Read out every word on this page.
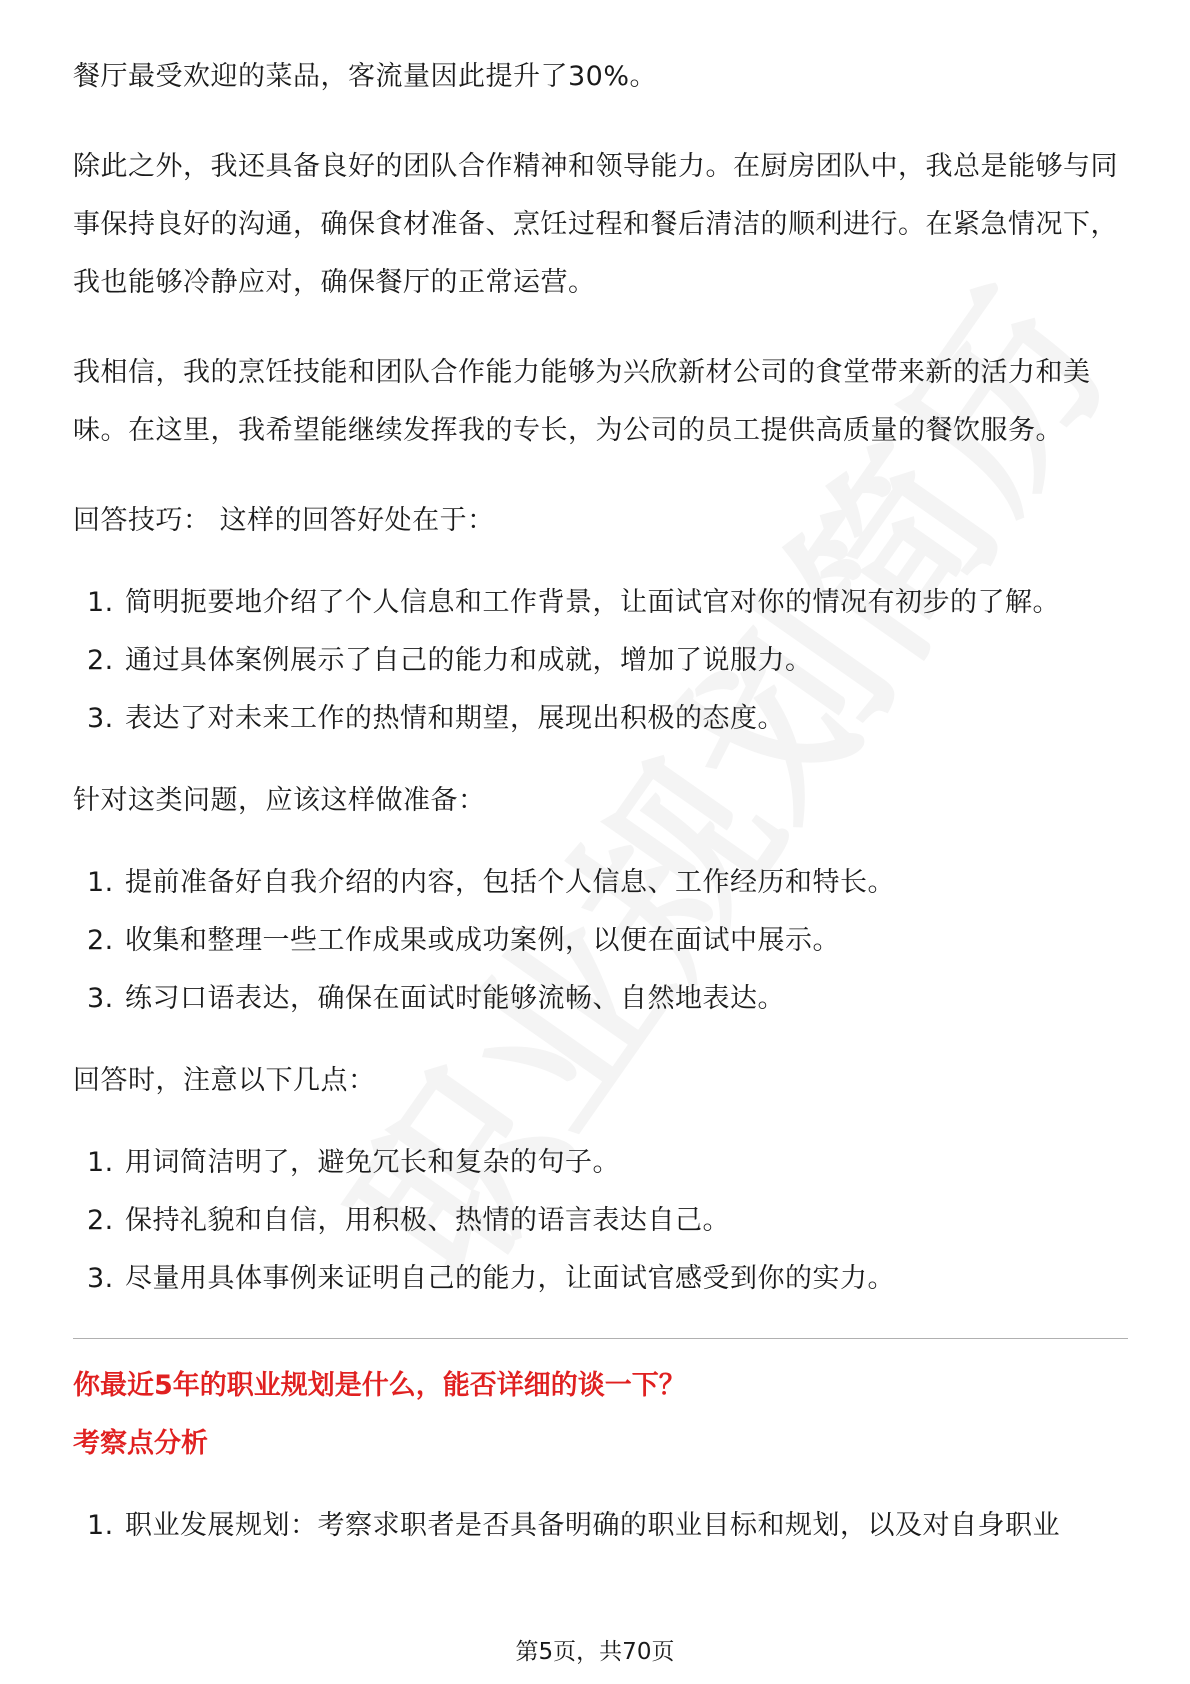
餐厅最受欢迎的菜品，客流量因此提升了30%。

除此之外，我还具备良好的团队合作精神和领导能力。在厨房团队中，我总是能够与同事保持良好的沟通，确保食材准备、烹饪过程和餐后清洁的顺利进行。在紧急情况下，我也能够冷静应对，确保餐厅的正常运营。

我相信，我的烹饪技能和团队合作能力能够为兴欣新材公司的食堂带来新的活力和美味。在这里，我希望能继续发挥我的专长，为公司的员工提供高质量的餐饮服务。

回答技巧： 这样的回答好处在于：
1. 简明扼要地介绍了个人信息和工作背景，让面试官对你的情况有初步的了解。
2. 通过具体案例展示了自己的能力和成就，增加了说服力。
3. 表达了对未来工作的热情和期望，展现出积极的态度。
针对这类问题，应该这样做准备：
1. 提前准备好自我介绍的内容，包括个人信息、工作经历和特长。
2. 收集和整理一些工作成果或成功案例，以便在面试中展示。
3. 练习口语表达，确保在面试时能够流畅、自然地表达。
回答时，注意以下几点：
1. 用词简洁明了，避免冗长和复杂的句子。
2. 保持礼貌和自信，用积极、热情的语言表达自己。
3. 尽量用具体事例来证明自己的能力，让面试官感受到你的实力。
你最近5年的职业规划是什么，能否详细的谈一下？
考察点分析
1. 职业发展规划：考察求职者是否具备明确的职业目标和规划，以及对自身职业
第5页，共70页
